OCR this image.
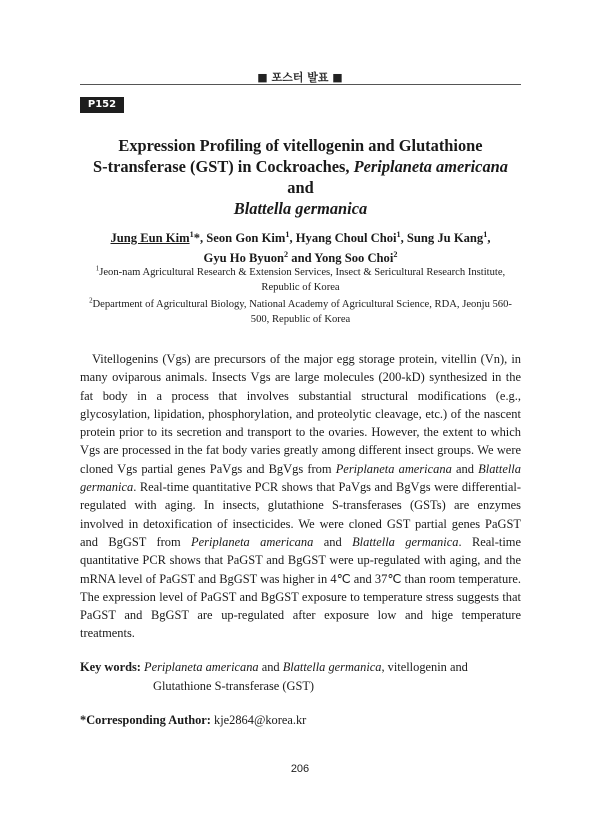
■ 포스터 발표 ■
P152
Expression Profiling of vitellogenin and Glutathione
S-transferase (GST) in Cockroaches, Periplaneta americana and
Blattella germanica
Jung Eun Kim$^1$*, Seon Gon Kim$^1$, Hyang Choul Choi$^1$, Sung Ju Kang$^1$,
Gyu Ho Byuon$^2$ and Yong Soo Choi$^2$
$^1$Jeon-nam Agricultural Research & Extension Services, Insect & Sericultural Research Institute, Republic of Korea
$^2$Department of Agricultural Biology, National Academy of Agricultural Science, RDA, Jeonju 560-500, Republic of Korea
Vitellogenins (Vgs) are precursors of the major egg storage protein, vitellin (Vn), in many oviparous animals. Insects Vgs are large molecules (200-kD) synthesized in the fat body in a process that involves substantial structural modifications (e.g., glycosylation, lipidation, phosphorylation, and proteolytic cleavage, etc.) of the nascent protein prior to its secretion and transport to the ovaries. However, the extent to which Vgs are processed in the fat body varies greatly among different insect groups. We were cloned Vgs partial genes PaVgs and BgVgs from Periplaneta americana and Blattella germanica. Real-time quantitative PCR shows that PaVgs and BgVgs were differential-regulated with aging. In insects, glutathione S-transferases (GSTs) are enzymes involved in detoxification of insecticides. We were cloned GST partial genes PaGST and BgGST from Periplaneta americana and Blattella germanica. Real-time quantitative PCR shows that PaGST and BgGST were up-regulated with aging, and the mRNA level of PaGST and BgGST was higher in 4℃ and 37℃ than room temperature. The expression level of PaGST and BgGST exposure to temperature stress suggests that PaGST and BgGST are up-regulated after exposure low and hige temperature treatments.
Key words: Periplaneta americana and Blattella germanica, vitellogenin and
Glutathione S-transferase (GST)
*Corresponding Author: kje2864@korea.kr
206
